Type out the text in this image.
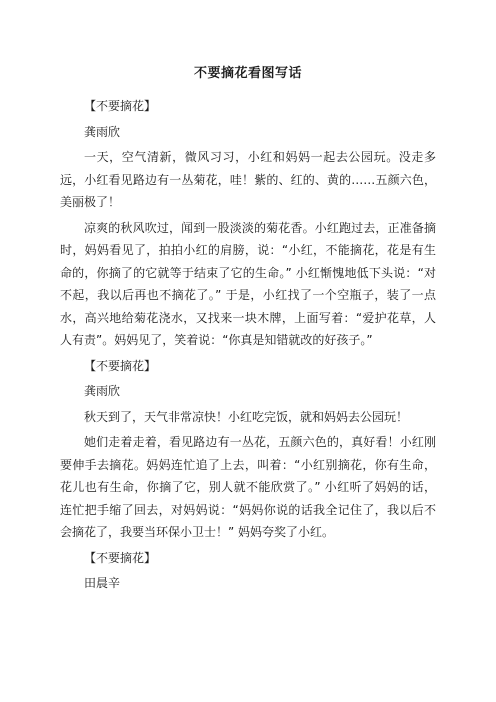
不要摘花看图写话

【不要摘花】

龚雨欣

一天，空气清新，微风习习，小红和妈妈一起去公园玩。没走多远，小红看见路边有一丛菊花，哇！紫的、红的、黄的……五颜六色，美丽极了！

凉爽的秋风吹过，闻到一股淡淡的菊花香。小红跑过去，正准备摘时，妈妈看见了，拍拍小红的肩膀，说：“小红，不能摘花，花是有生命的，你摘了的它就等于结束了它的生命。” 小红惭愧地低下头说：“对不起，我以后再也不摘花了。” 于是，小红找了一个空瓶子，装了一点水，高兴地给菊花浇水，又找来一块木牌，上面写着：“爱护花草，人人有责”。妈妈见了，笑着说：“你真是知错就改的好孩子。”

【不要摘花】

龚雨欣

秋天到了，天气非常凉快！小红吃完饭，就和妈妈去公园玩！

她们走着走着，看见路边有一丛花，五颜六色的，真好看！小红刚要伸手去摘花。妈妈连忙追了上去，叫着：“小红别摘花，你有生命，花儿也有生命，你摘了它，别人就不能欣赏了。” 小红听了妈妈的话，连忙把手缩了回去，对妈妈说：“妈妈你说的话我全记住了，我以后不会摘花了，我要当环保小卫士！” 妈妈夸奖了小红。

【不要摘花】

田晨辛
